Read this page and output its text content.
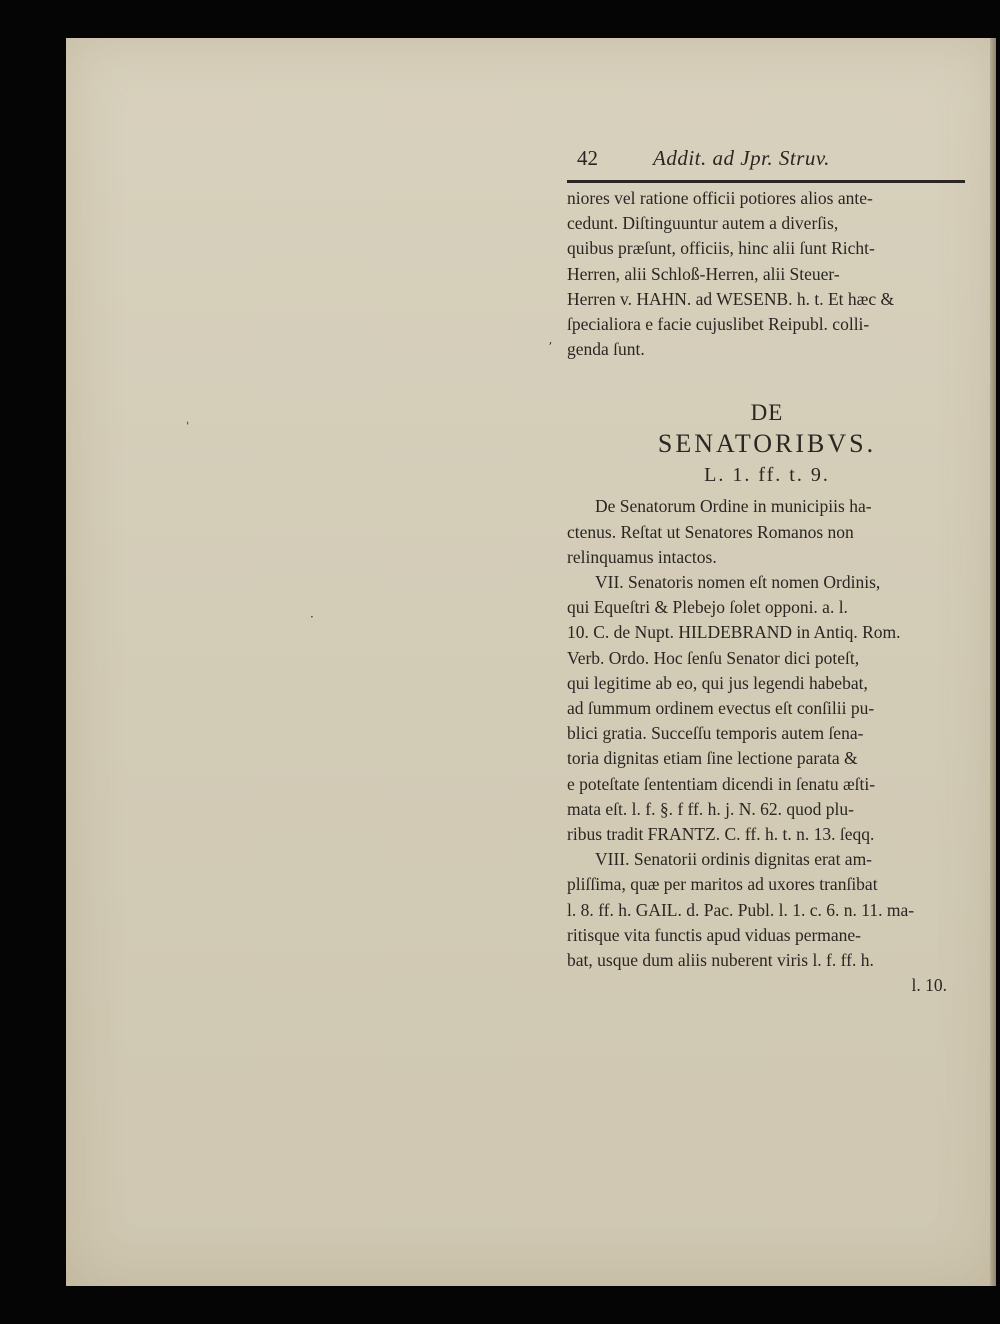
ˈ
ʼ
·
42	Addit. ad Jpr. Struv.

niores vel ratione officii potiores alios ante-
cedunt. Diſtinguuntur autem a diverſis,
quibus præſunt, officiis, hinc alii ſunt Richt-
Herren, alii Schloß-Herren, alii Steuer-
Herren v. HAHN. ad WESENB. h. t. Et hæc &
ſpecialiora e facie cujuslibet Reipubl. colli-
genda ſunt.

DE
SENATORIBVS.
L. 1. ff. t. 9.

De Senatorum Ordine in municipiis ha-
ctenus. Reſtat ut Senatores Romanos non
relinquamus intactos.

VII. Senatoris nomen eſt nomen Ordinis,
qui Equeſtri & Plebejo ſolet opponi. a. l.
10. C. de Nupt. HILDEBRAND in Antiq. Rom.
Verb. Ordo. Hoc ſenſu Senator dici poteſt,
qui legitime ab eo, qui jus legendi habebat,
ad ſummum ordinem evectus eſt conſilii pu-
blici gratia. Succeſſu temporis autem ſena-
toria dignitas etiam ſine lectione parata &
e poteſtate ſententiam dicendi in ſenatu æſti-
mata eſt. l. f. §. f ff. h. j. N. 62. quod plu-
ribus tradit FRANTZ. C. ff. h. t. n. 13. ſeqq.

VIII. Senatorii ordinis dignitas erat am-
pliſſima, quæ per maritos ad uxores tranſibat
l. 8. ff. h. GAIL. d. Pac. Publ. l. 1. c. 6. n. 11. ma-
ritisque vita functis apud viduas permane-
bat, usque dum aliis nuberent viris l. f. ff. h.
l. 10.
